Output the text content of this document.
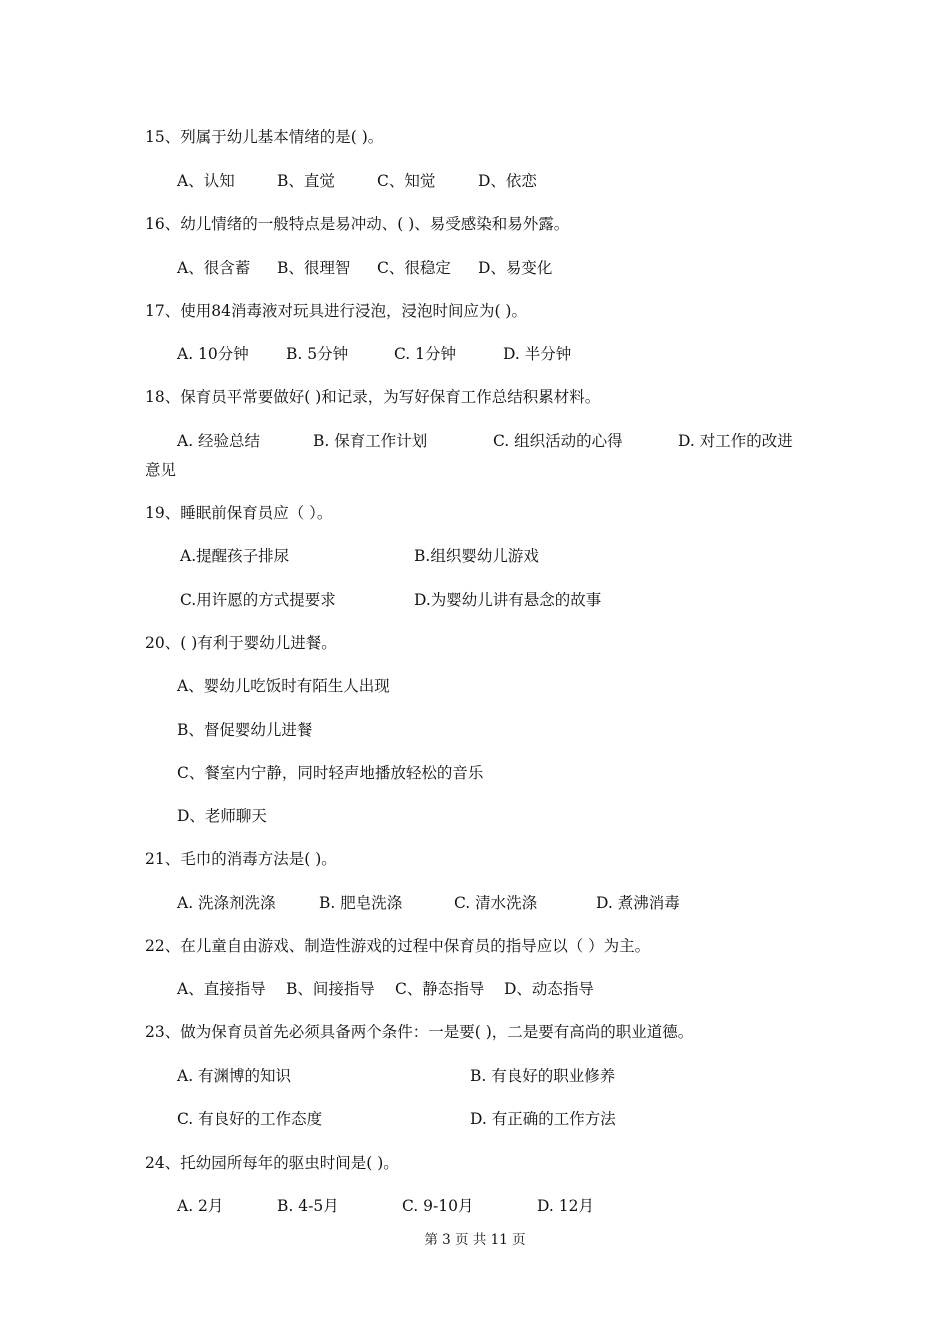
15、列属于幼儿基本情绪的是( )。
A、认知	B、直觉	C、知觉	D、依恋
16、幼儿情绪的一般特点是易冲动、( )、易受感染和易外露。
A、很含蓄 B、很理智 C、很稳定 D、易变化
17、使用84消毒液对玩具进行浸泡，浸泡时间应为( )。
A. 10分钟 B. 5分钟	C. 1分钟	D. 半分钟
18、保育员平常要做好( )和记录，为写好保育工作总结积累材料。
A. 经验总结	B. 保育工作计划	C. 组织活动的心得	D. 对工作的改进
意见
19、睡眠前保育员应（ ）。
A.提醒孩子排尿	B.组织婴幼儿游戏
C.用许愿的方式提要求	D.为婴幼儿讲有悬念的故事
20、( )有利于婴幼儿进餐。
A、婴幼儿吃饭时有陌生人出现
B、督促婴幼儿进餐
C、餐室内宁静，同时轻声地播放轻松的音乐
D、老师聊天
21、毛巾的消毒方法是( )。
A. 洗涤剂洗涤	B. 肥皂洗涤	C. 清水洗涤	D. 煮沸消毒
22、在儿童自由游戏、制造性游戏的过程中保育员的指导应以（ ）为主。
A、直接指导 B、间接指导 C、静态指导 D、动态指导
23、做为保育员首先必须具备两个条件：一是要( )，二是要有高尚的职业道德。
A. 有渊博的知识	B. 有良好的职业修养
C. 有良好的工作态度	D. 有正确的工作方法
24、托幼园所每年的驱虫时间是( )。
A. 2月	B. 4-5月	C. 9-10月	D. 12月
第 3 页 共 11 页
